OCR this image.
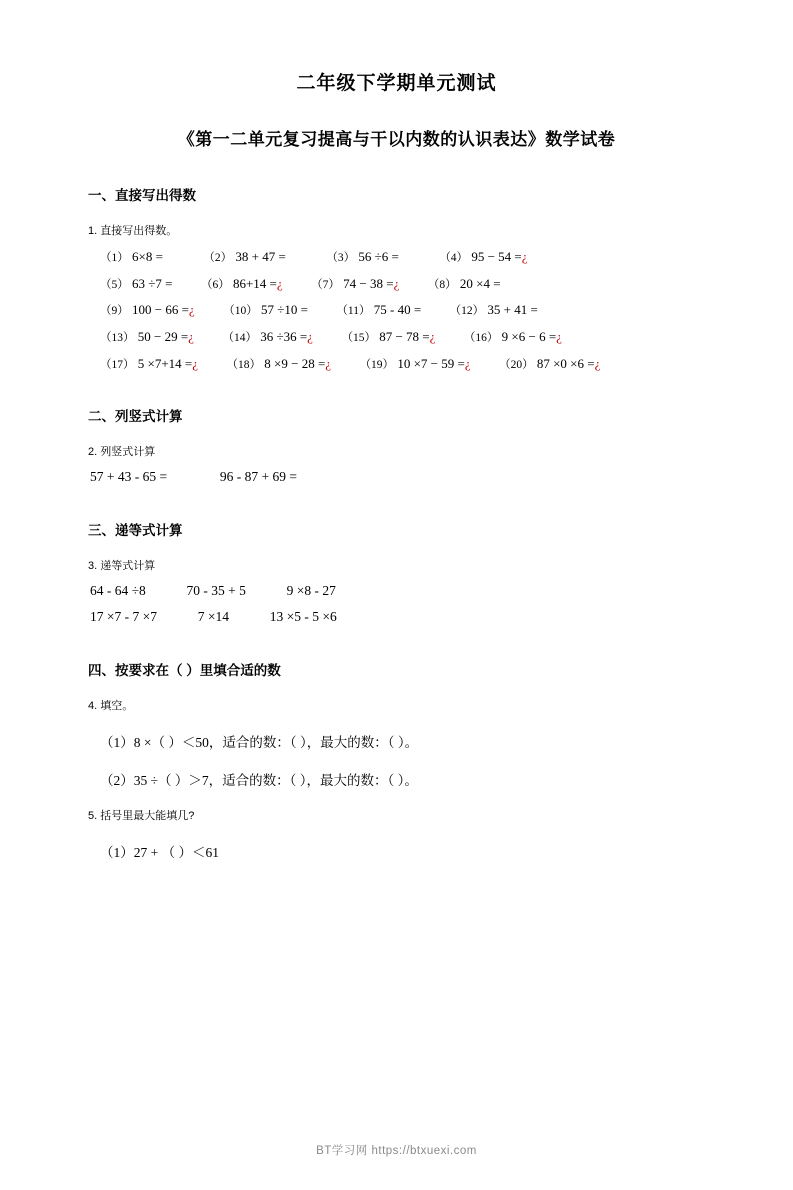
二年级下学期单元测试
《第一二单元复习提高与干以内数的认识表达》数学试卷
一、直接写出得数
1. 直接写出得数。
（1） 6×8 =	（2） 38 + 47 =	（3） 56 ÷6 =	（4） 95 − 54 =¿
（5） 63 ÷7 = （6） 86+14 =¿ （7） 74 − 38 =¿ （8） 20 ×4 =
（9） 100 − 66 =¿ （10） 57 ÷10 = （11） 75 - 40 = （12） 35 + 41 =
（13） 50 − 29 =¿ （14） 36 ÷36 =¿ （15） 87 − 78 =¿ （16） 9 ×6 − 6 =¿
（17） 5 ×7+14 =¿ （18） 8 ×9 − 28 =¿ （19） 10 ×7 − 59 =¿ （20） 87 ×0 ×6 =¿
二、列竖式计算
2. 列竖式计算
57 + 43 - 65 =	96 - 87 + 69 =
三、递等式计算
3. 递等式计算
64 - 64 ÷8	70 - 35 + 5	9 ×8 - 27
17 ×7 - 7 ×7	7 ×14	13 ×5 - 5 ×6
四、按要求在（ ）里填合适的数
4. 填空。
（1）8 ×（ ）＜50，适合的数：（ ），最大的数：（ ）。
（2）35 ÷（ ）＞7，适合的数：（ ），最大的数：（ ）。
5. 括号里最大能填几?
（1）27 + （ ）＜61
BT学习网 https://btxuexi.com
